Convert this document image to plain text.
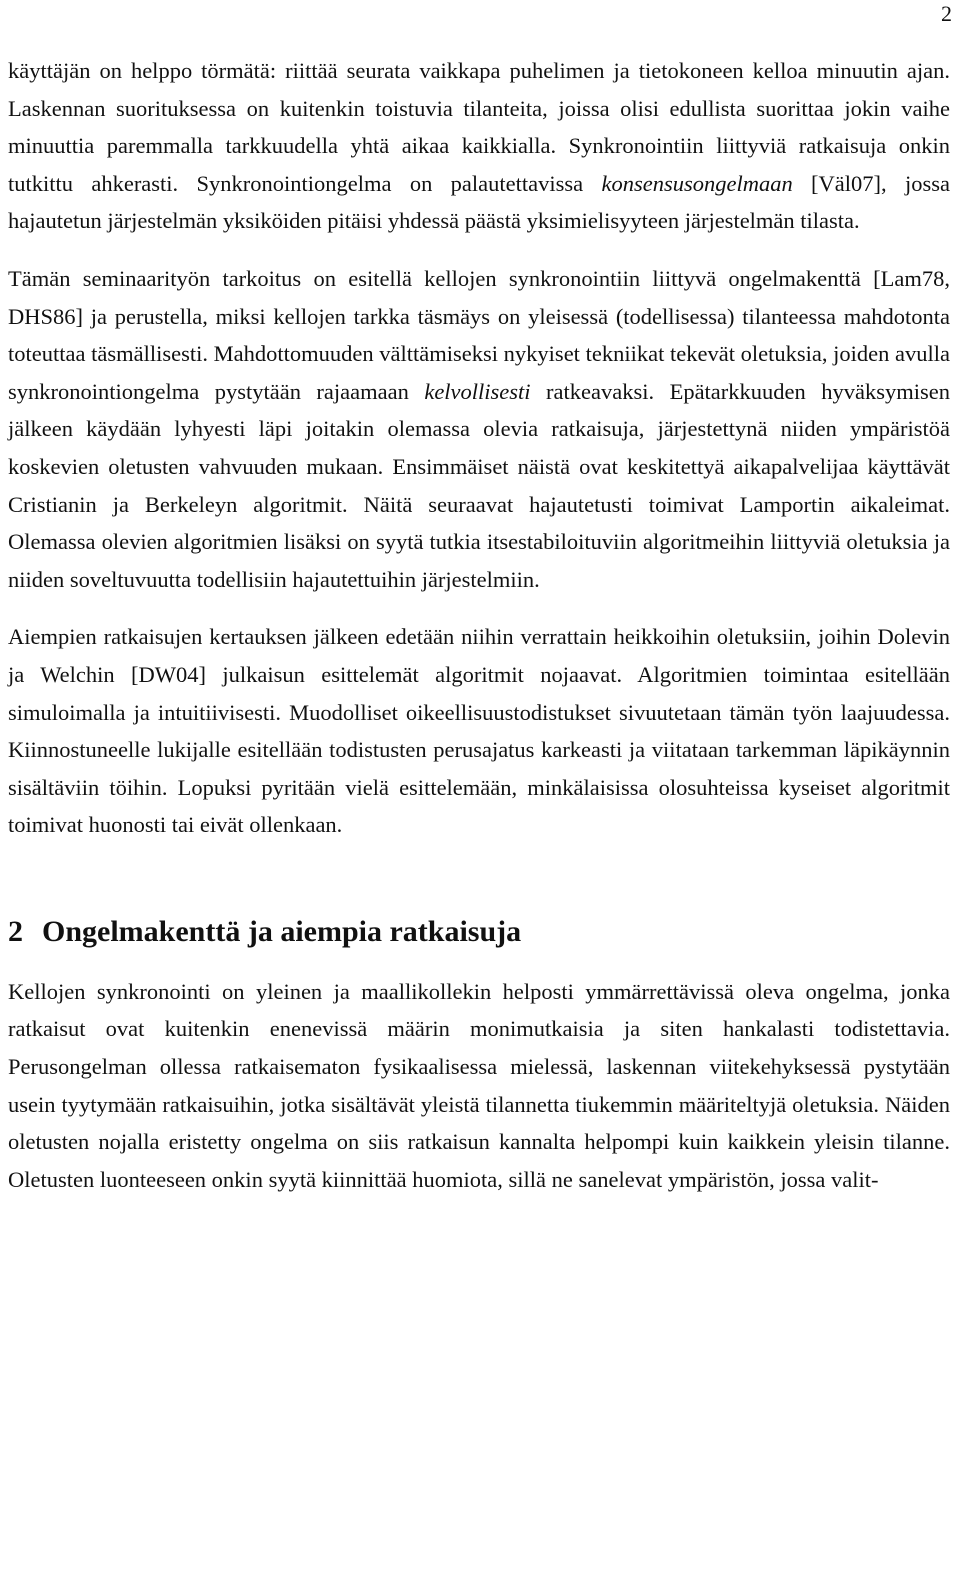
2

käyttäjän on helppo törmätä: riittää seurata vaikkapa puhelimen ja tietokoneen kelloa minuutin ajan. Laskennan suorituksessa on kuitenkin toistuvia tilanteita, joissa olisi edullista suorittaa jokin vaihe minuuttia paremmalla tarkkuudella yhtä aikaa kaikkialla. Synkronointiin liittyviä ratkaisuja onkin tutkittu ahkerasti. Synkronointiongelma on palautettavissa konsensusongelmaan [Väl07], jossa hajautetun järjestelmän yksiköiden pitäisi yhdessä päästä yksimielisyyteen järjestelmän tilasta.

Tämän seminaarityön tarkoitus on esitellä kellojen synkronointiin liittyvä ongelmakenttä [Lam78, DHS86] ja perustella, miksi kellojen tarkka täsmäys on yleisessä (todellisessa) tilanteessa mahdotonta toteuttaa täsmällisesti. Mahdottomuuden välttämiseksi nykyiset tekniikat tekevät oletuksia, joiden avulla synkronointiongelma pystytään rajaamaan kelvollisesti ratkeavaksi. Epätarkkuuden hyväksymisen jälkeen käydään lyhyesti läpi joitakin olemassa olevia ratkaisuja, järjestettynä niiden ympäristöä koskevien oletusten vahvuuden mukaan. Ensimmäiset näistä ovat keskitettyä aikapalvelijaa käyttävät Cristianin ja Berkeleyn algoritmit. Näitä seuraavat hajautetusti toimivat Lamportin aikaleimat. Olemassa olevien algoritmien lisäksi on syytä tutkia itsestabiloituviin algoritmeihin liittyviä oletuksia ja niiden soveltuvuutta todellisiin hajautettuihin järjestelmiin.

Aiempien ratkaisujen kertauksen jälkeen edetään niihin verrattain heikkoihin oletuksiin, joihin Dolevin ja Welchin [DW04] julkaisun esittelemät algoritmit nojaavat. Algoritmien toimintaa esitellään simuloimalla ja intuitiivisesti. Muodolliset oikeellisuustodistukset sivuutetaan tämän työn laajuudessa. Kiinnostuneelle lukijalle esitellään todistusten perusajatus karkeasti ja viitataan tarkemman läpikäynnin sisältäviin töihin. Lopuksi pyritään vielä esittelemään, minkälaisissa olosuhteissa kyseiset algoritmit toimivat huonosti tai eivät ollenkaan.

2 Ongelmakenttä ja aiempia ratkaisuja

Kellojen synkronointi on yleinen ja maallikollekin helposti ymmärrettävissä oleva ongelma, jonka ratkaisut ovat kuitenkin enenevissä määrin monimutkaisia ja siten hankalasti todistettavia. Perusongelman ollessa ratkaisematon fysikaalisessa mielessä, laskennan viitekehyksessä pystytään usein tyytymään ratkaisuihin, jotka sisältävät yleistä tilannetta tiukemmin määriteltyjä oletuksia. Näiden oletusten nojalla eristetty ongelma on siis ratkaisun kannalta helpompi kuin kaikkein yleisin tilanne. Oletusten luonteeseen onkin syytä kiinnittää huomiota, sillä ne sanelevat ympäristön, jossa valit-
